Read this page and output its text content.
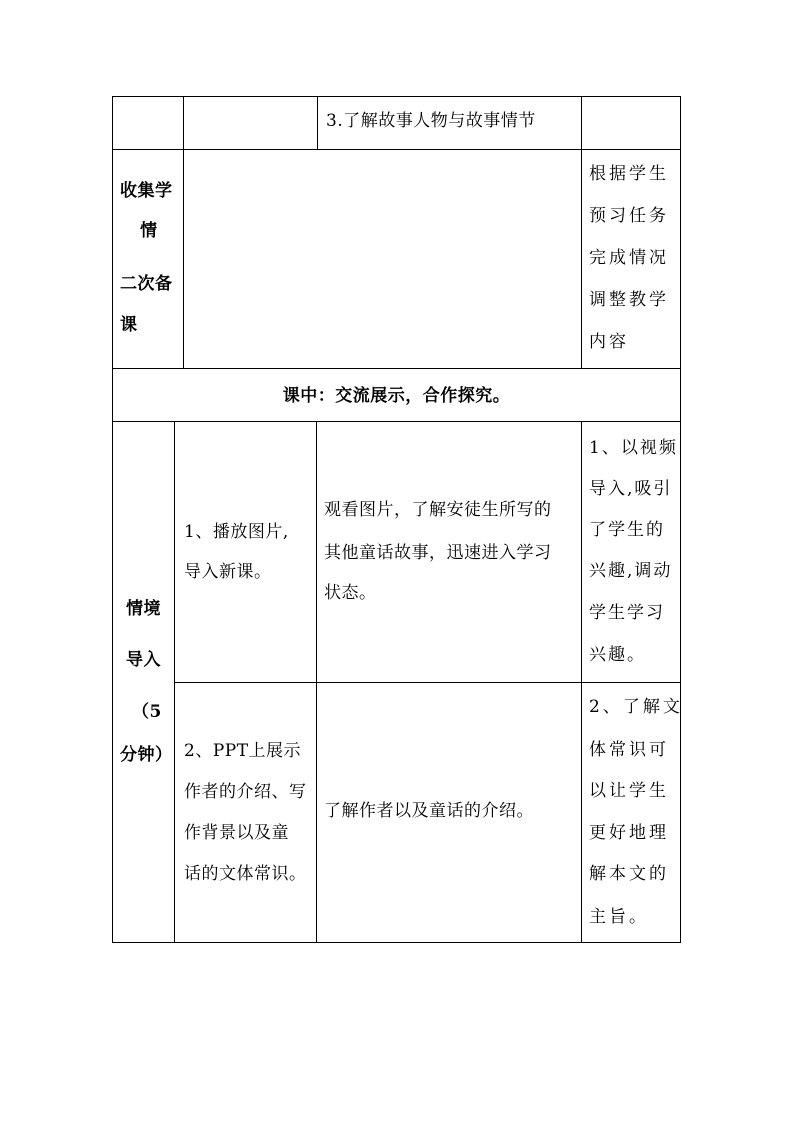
3.了解故事人物与故事情节
收集学
情
二次备
课
根据学生
预习任务
完成情况
调整教学
内容
课中：交流展示，合作探究。
情境
导入
（5
分钟）
1、播放图片,
导入新课。
观看图片，了解安徒生所写的
其他童话故事，迅速进入学习
状态。
1、以视频
导入,吸引
了学生的
兴趣,调动
学生学习
兴趣。
2、PPT上展示
作者的介绍、写
作背景以及童
话的文体常识。
了解作者以及童话的介绍。
2、了解文
体常识可
以让学生
更好地理
解本文的
主旨。
